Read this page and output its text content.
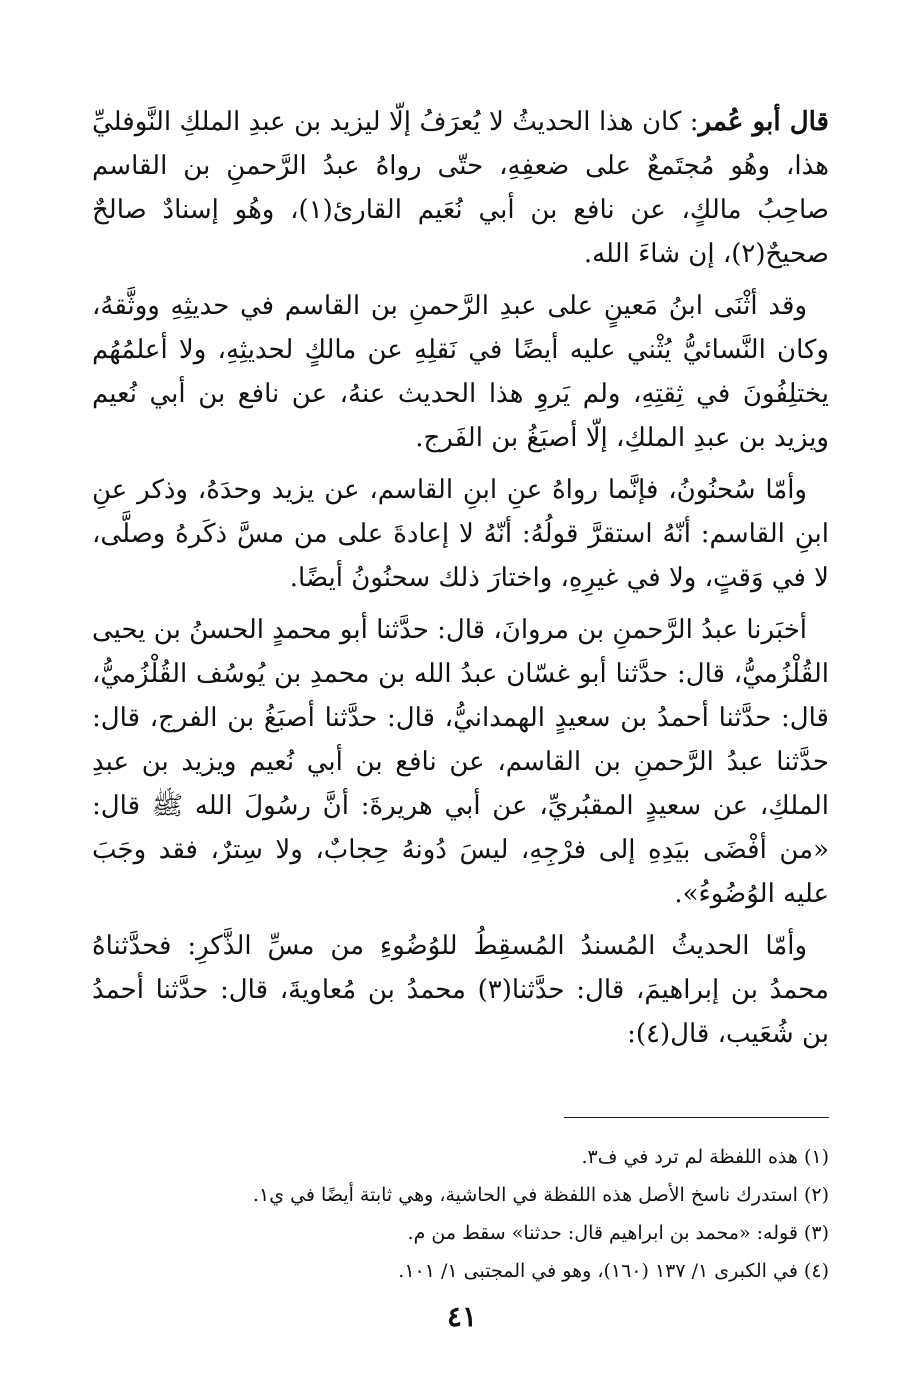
قال أبو عُمر: كان هذا الحديثُ لا يُعرَفُ إلّا ليزيد بن عبدِ الملكِ النَّوفليِّ هذا، وهُو مُجتَمعٌ على ضعفِهِ، حتّى رواهُ عبدُ الرَّحمنِ بن القاسم صاحِبُ مالكٍ، عن نافع بن أبي نُعَيم القارئ(١)، وهُو إسنادٌ صالحٌ صحيحٌ(٢)، إن شاءَ الله.

وقد أثْنَى ابنُ مَعينٍ على عبدِ الرَّحمنِ بن القاسم في حديثِهِ ووثَّقهُ، وكان النَّسائيُّ يُثْني عليه أيضًا في نَقلِهِ عن مالكٍ لحديثِهِ، ولا أعلمُهُم يختلِفُونَ في ثِقتِهِ، ولم يَروِ هذا الحديث عنهُ، عن نافع بن أبي نُعيم ويزيد بن عبدِ الملكِ، إلّا أصبَغُ بن الفَرج.

وأمّا سُحنُونُ، فإنَّما رواهُ عنِ ابنِ القاسم، عن يزيد وحدَهُ، وذكر عنِ ابنِ القاسم: أنّهُ استقرَّ قولُهُ: أنّهُ لا إعادةَ على من مسَّ ذكَرهُ وصلَّى، لا في وَقتٍ، ولا في غيرِهِ، واختارَ ذلك سحنُونُ أيضًا.

أخبَرنا عبدُ الرَّحمنِ بن مروانَ، قال: حدَّثنا أبو محمدٍ الحسنُ بن يحيى القُلْزُميُّ، قال: حدَّثنا أبو غسّان عبدُ الله بن محمدِ بن يُوسُف القُلْزُميُّ، قال: حدَّثنا أحمدُ بن سعيدٍ الهمدانيُّ، قال: حدَّثنا أصبَغُ بن الفرج، قال: حدَّثنا عبدُ الرَّحمنِ بن القاسم، عن نافع بن أبي نُعيم ويزيد بن عبدِ الملكِ، عن سعيدٍ المقبُريِّ، عن أبي هريرةَ: أنَّ رسُولَ الله ﷺ قال: «من أفْضَى بيَدِهِ إلى فرْجِهِ، ليسَ دُونهُ حِجابٌ، ولا سِترٌ، فقد وجَبَ عليه الوُضُوءُ».

وأمّا الحديثُ المُسندُ المُسقِطُ للوُضُوءِ من مسِّ الذَّكرِ: فحدَّثناهُ محمدُ بن إبراهيمَ، قال: حدَّثنا(٣) محمدُ بن مُعاويةَ، قال: حدَّثنا أحمدُ بن شُعَيب، قال(٤):

(١) هذه اللفظة لم ترد في ف٣.

(٢) استدرك ناسخ الأصل هذه اللفظة في الحاشية، وهي ثابتة أيضًا في ي١.

(٣) قوله: «محمد بن ابراهيم قال: حدثنا» سقط من م.

(٤) في الكبرى ١/ ١٣٧ (١٦٠)، وهو في المجتبى ١/ ١٠١.

٤١
